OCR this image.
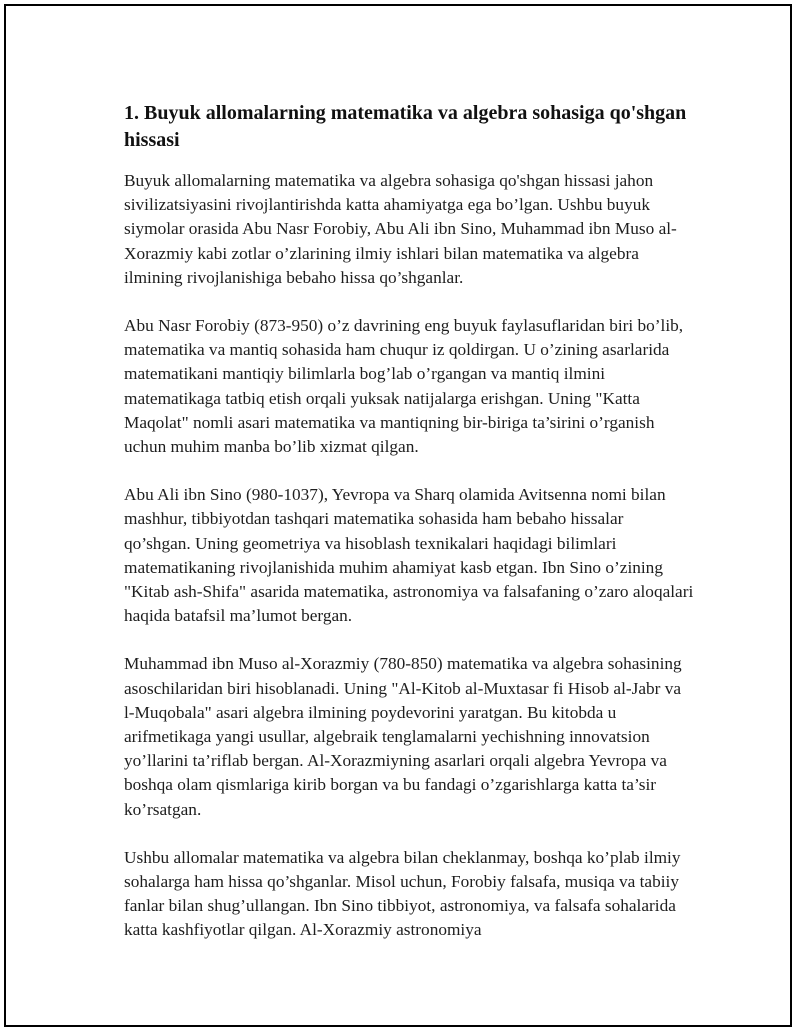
1. Buyuk allomalarning matematika va algebra sohasiga qo'shgan hissasi

Buyuk allomalarning matematika va algebra sohasiga qo'shgan hissasi jahon sivilizatsiyasini rivojlantirishda katta ahamiyatga ega bo’lgan. Ushbu buyuk siymolar orasida Abu Nasr Forobiy, Abu Ali ibn Sino, Muhammad ibn Muso al-Xorazmiy kabi zotlar o’zlarining ilmiy ishlari bilan matematika va algebra ilmining rivojlanishiga bebaho hissa qo’shganlar.

Abu Nasr Forobiy (873-950) o’z davrining eng buyuk faylasuflaridan biri bo’lib, matematika va mantiq sohasida ham chuqur iz qoldirgan. U o’zining asarlarida matematikani mantiqiy bilimlarla bog’lab o’rgangan va mantiq ilmini matematikaga tatbiq etish orqali yuksak natijalarga erishgan. Uning "Katta Maqolat" nomli asari matematika va mantiqning bir-biriga ta’sirini o’rganish uchun muhim manba bo’lib xizmat qilgan.

Abu Ali ibn Sino (980-1037), Yevropa va Sharq olamida Avitsenna nomi bilan mashhur, tibbiyotdan tashqari matematika sohasida ham bebaho hissalar qo’shgan. Uning geometriya va hisoblash texnikalari haqidagi bilimlari matematikaning rivojlanishida muhim ahamiyat kasb etgan. Ibn Sino o’zining "Kitab ash-Shifa" asarida matematika, astronomiya va falsafaning o’zaro aloqalari haqida batafsil ma’lumot bergan.

Muhammad ibn Muso al-Xorazmiy (780-850) matematika va algebra sohasining asoschilaridan biri hisoblanadi. Uning "Al-Kitob al-Muxtasar fi Hisob al-Jabr va l-Muqobala" asari algebra ilmining poydevorini yaratgan. Bu kitobda u arifmetikaga yangi usullar, algebraik tenglamalarni yechishning innovatsion yo’llarini ta’riflab bergan. Al-Xorazmiyning asarlari orqali algebra Yevropa va boshqa olam qismlariga kirib borgan va bu fandagi o’zgarishlarga katta ta’sir ko’rsatgan.

Ushbu allomalar matematika va algebra bilan cheklanmay, boshqa ko’plab ilmiy sohalarga ham hissa qo’shganlar. Misol uchun, Forobiy falsafa, musiqa va tabiiy fanlar bilan shug’ullangan. Ibn Sino tibbiyot, astronomiya, va falsafa sohalarida katta kashfiyotlar qilgan. Al-Xorazmiy astronomiya
